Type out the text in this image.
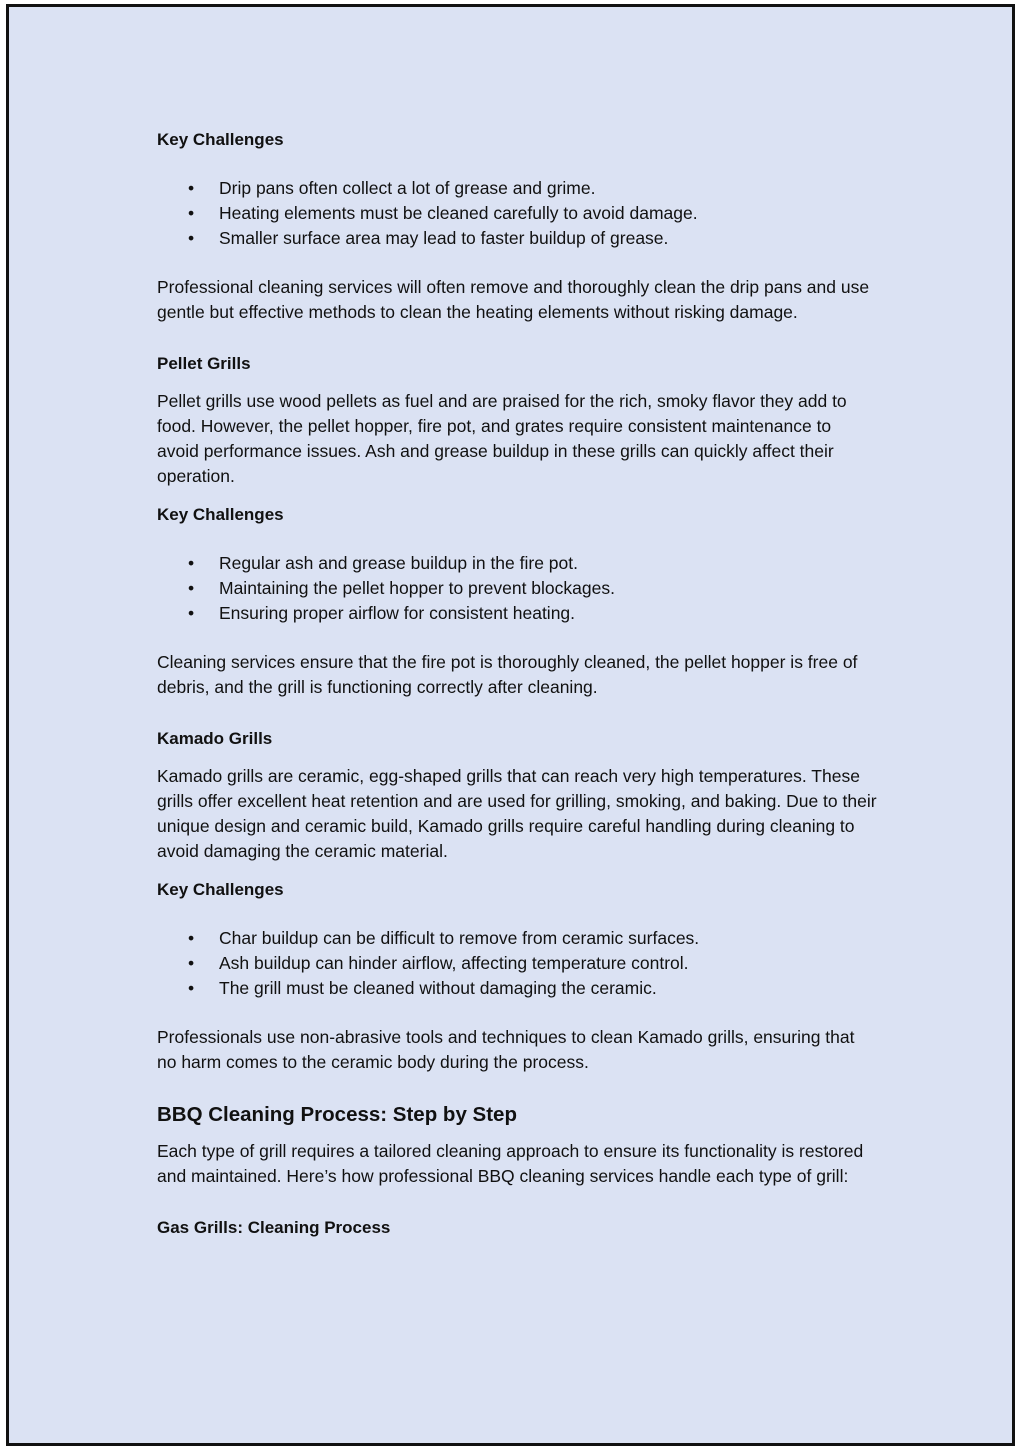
Key Challenges

• Drip pans often collect a lot of grease and grime.
• Heating elements must be cleaned carefully to avoid damage.
• Smaller surface area may lead to faster buildup of grease.

Professional cleaning services will often remove and thoroughly clean the drip pans and use gentle but effective methods to clean the heating elements without risking damage.

Pellet Grills

Pellet grills use wood pellets as fuel and are praised for the rich, smoky flavor they add to food. However, the pellet hopper, fire pot, and grates require consistent maintenance to avoid performance issues. Ash and grease buildup in these grills can quickly affect their operation.

Key Challenges

• Regular ash and grease buildup in the fire pot.
• Maintaining the pellet hopper to prevent blockages.
• Ensuring proper airflow for consistent heating.

Cleaning services ensure that the fire pot is thoroughly cleaned, the pellet hopper is free of debris, and the grill is functioning correctly after cleaning.

Kamado Grills

Kamado grills are ceramic, egg-shaped grills that can reach very high temperatures. These grills offer excellent heat retention and are used for grilling, smoking, and baking. Due to their unique design and ceramic build, Kamado grills require careful handling during cleaning to avoid damaging the ceramic material.

Key Challenges

• Char buildup can be difficult to remove from ceramic surfaces.
• Ash buildup can hinder airflow, affecting temperature control.
• The grill must be cleaned without damaging the ceramic.

Professionals use non-abrasive tools and techniques to clean Kamado grills, ensuring that no harm comes to the ceramic body during the process.

BBQ Cleaning Process: Step by Step

Each type of grill requires a tailored cleaning approach to ensure its functionality is restored and maintained. Here’s how professional BBQ cleaning services handle each type of grill:

Gas Grills: Cleaning Process
